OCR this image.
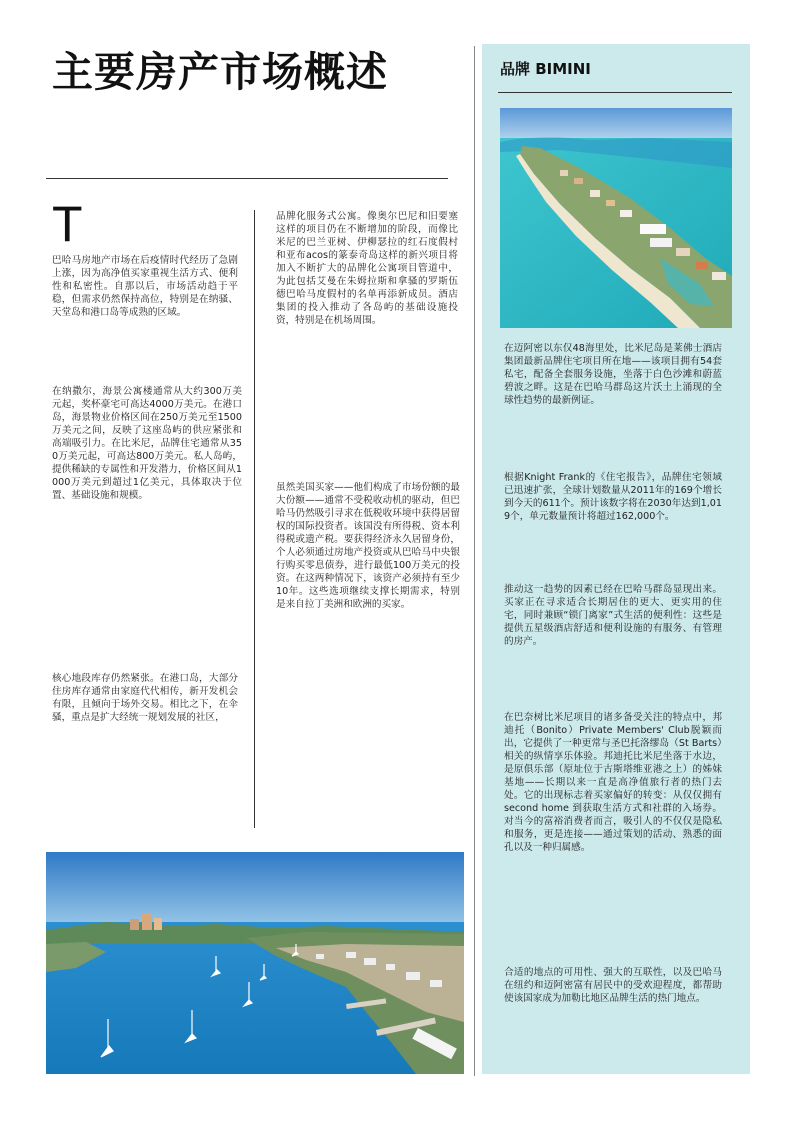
主要房产市场概述
T

巴哈马房地产市场在后疫情时代经历了急剧上涨，因为高净值买家重视生活方式、便利性和私密性。自那以后，市场活动趋于平稳，但需求仍然保持高位，特别是在纳骚、天堂岛和港口岛等成熟的区域。

在纳撒尔，海景公寓楼通常从大约300万美元起，奖杯豪宅可高达4000万美元。在港口岛，海景物业价格区间在250万美元至1500万美元之间，反映了这座岛屿的供应紧张和高端吸引力。在比米尼，品牌住宅通常从350万美元起，可高达800万美元。私人岛屿，提供稀缺的专属性和开发潜力，价格区间从1000万美元到超过1亿美元，具体取决于位置、基础设施和规模。

核心地段库存仍然紧张。在港口岛，大部分住房库存通常由家庭代代相传，新开发机会有限，且倾向于场外交易。相比之下，在伞骚，重点是扩大经统一规划发展的社区，

品牌化服务式公寓。像奥尔巴尼和旧要塞这样的项目仍在不断增加的阶段，而像比米尼的巴兰亚树、伊柳瑟拉的红石度假村和亚布acos的篆泰奇岛这样的新兴项目将加入不断扩大的品牌化公寓项目管道中，为此包括艾曼在朱姆拉斯和拿骚的罗斯伍德巴哈马度假村的名单再添新成员。酒店集团的投入推动了各岛屿的基础设施投资，特别是在机场周围。

虽然美国买家——他们构成了市场份额的最大份额——通常不受税收动机的驱动，但巴哈马仍然吸引寻求在低税收环境中获得居留权的国际投资者。该国没有所得税、资本利得税或遗产税。要获得经济永久居留身份，个人必须通过房地产投资或从巴哈马中央银行购买零息债券，进行最低100万美元的投资。在这两种情况下，该资产必须持有至少10年。这些选项继续支撑长期需求，特别是来自拉丁美洲和欧洲的买家。

品牌 BIMINI

在迈阿密以东仅48海里处，比米尼岛是莱佛士酒店集团最新品牌住宅项目所在地——该项目拥有54套私宅，配备全套服务设施，坐落于白色沙滩和蔚蓝碧波之畔。这是在巴哈马群岛这片沃土上涌现的全球性趋势的最新例证。

根据Knight Frank的《住宅报告》，品牌住宅领域已迅速扩张，全球计划数量从2011年的169个增长到今天的611个。预计该数字将在2030年达到1,019个，单元数量预计将超过162,000个。

推动这一趋势的因素已经在巴哈马群岛显现出来。买家正在寻求适合长期居住的更大、更实用的住宅，同时兼顾“锁门离家”式生活的便利性：这些是提供五星级酒店舒适和便利设施的有服务、有管理的房产。

在巴奈树比米尼项目的诸多备受关注的特点中，邦迪托（Bonito）Private Members' Club脱颖而出，它提供了一种更常与圣巴托洛缪岛（St Barts）相关的纵情享乐体验。邦迪托比米尼坐落于水边，是原俱乐部（原址位于古斯塔维亚港之上）的姊妹基地——长期以来一直是高净值旅行者的热门去处。它的出现标志着买家偏好的转变：从仅仅拥有 second home 到获取生活方式和社群的入场券。对当今的富裕消费者而言，吸引人的不仅仅是隐私和服务，更是连接——通过策划的活动、熟悉的面孔以及一种归属感。

合适的地点的可用性、强大的互联性，以及巴哈马在纽约和迈阿密富有居民中的受欢迎程度，都帮助使该国家成为加勒比地区品牌生活的热门地点。
